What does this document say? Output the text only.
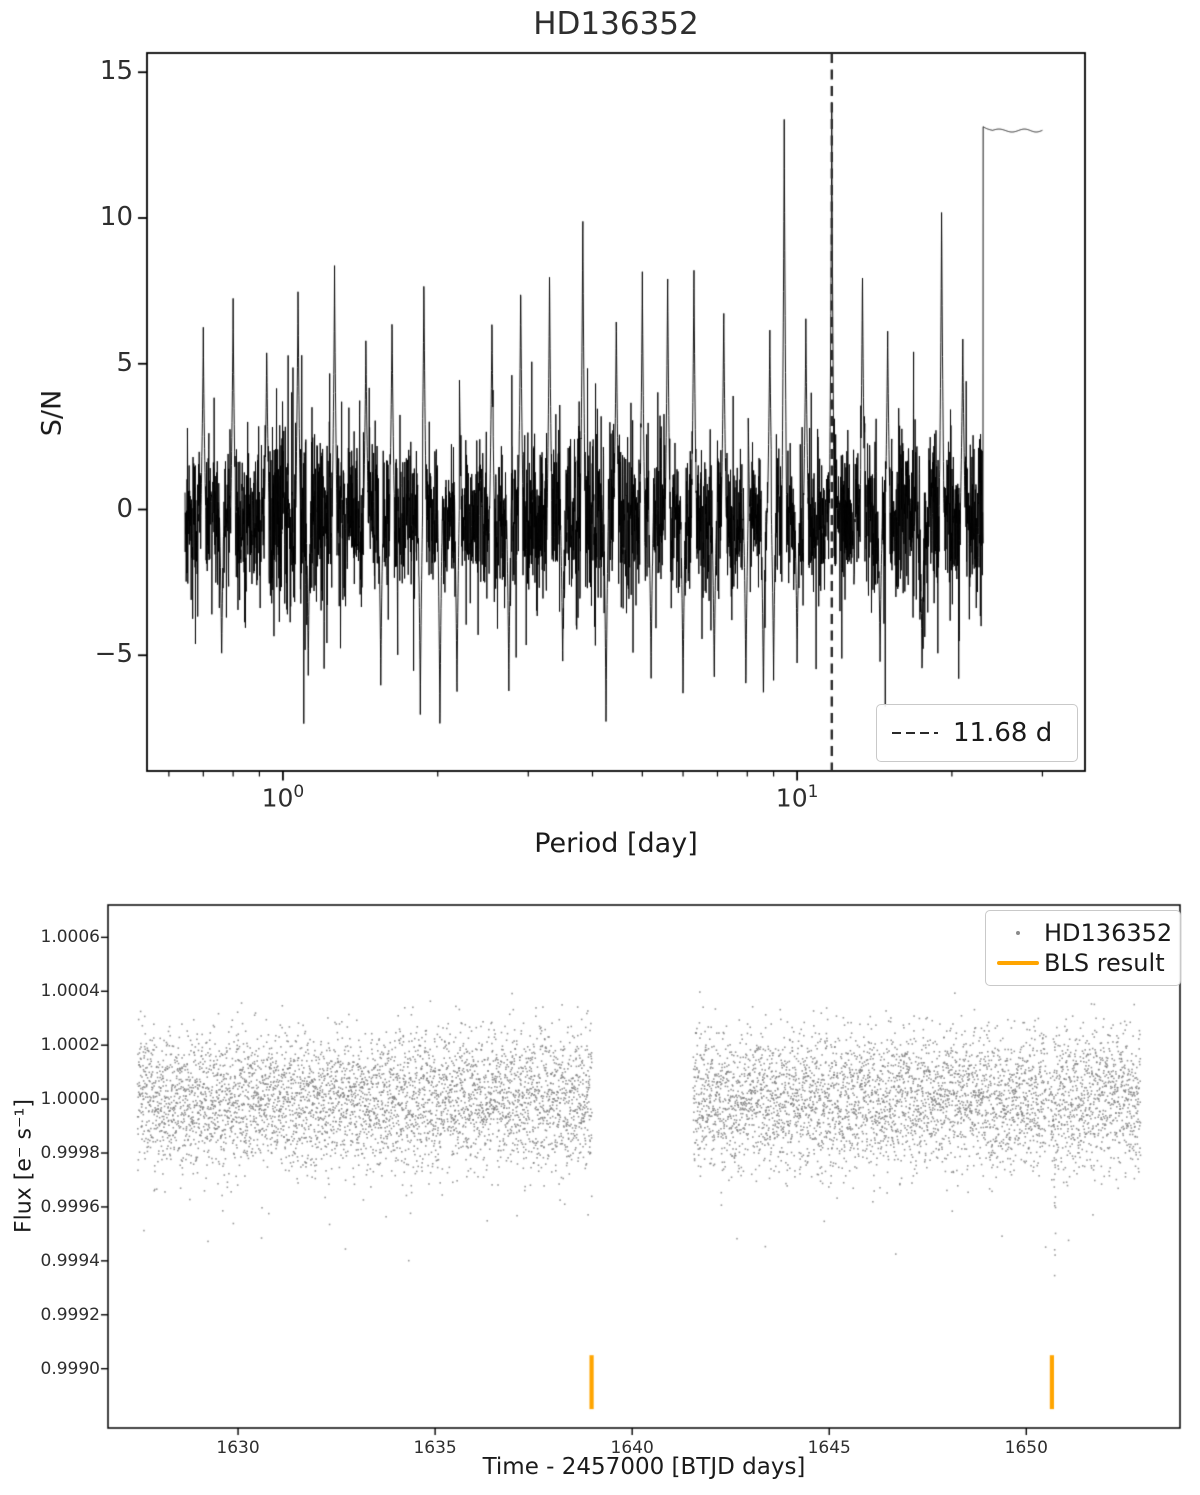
HD136352
Period [day]
S/N
15
10
5
0
−5
$10^0$	$10^1$
11.68 d
Time - 2457000 [BTJD days]
Flux [e⁻ s⁻¹]
1.0006
1.0004
1.0002
1.0000
0.9998
0.9996
0.9994
0.9992
0.9990
1630	1635	1640	1645	1650
HD136352
BLS result
